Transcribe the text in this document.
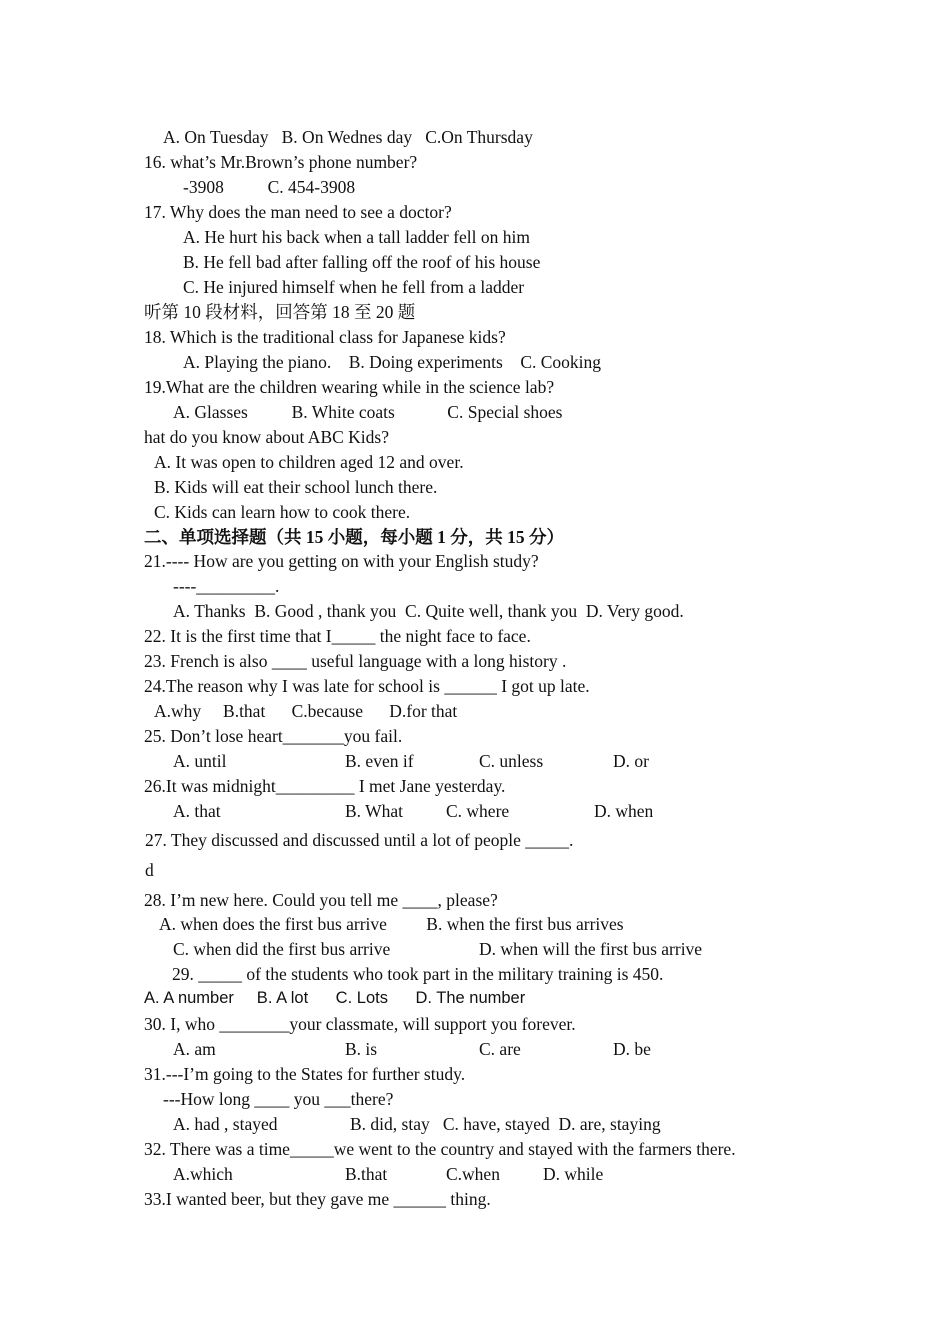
A. On Tuesday   B. On Wednes day   C.On Thursday
16. what’s Mr.Brown’s phone number?
-3908          C. 454-3908
17. Why does the man need to see a doctor?
A. He hurt his back when a tall ladder fell on him
B. He fell bad after falling off the roof of his house
C. He injured himself when he fell from a ladder
听第 10 段材料，回答第 18 至 20 题
18. Which is the traditional class for Japanese kids?
A. Playing the piano.    B. Doing experiments    C. Cooking
19.What are the children wearing while in the science lab?
A. Glasses          B. White coats            C. Special shoes
hat do you know about ABC Kids?
A. It was open to children aged 12 and over.
B. Kids will eat their school lunch there.
C. Kids can learn how to cook there.
二、单项选择题（共 15 小题，每小题 1 分，共 15 分）
21.---- How are you getting on with your English study?
----_________.
A. Thanks  B. Good , thank you  C. Quite well, thank you  D. Very good.
22. It is the first time that I_____ the night face to face.
23. French is also ____ useful language with a long history .
24.The reason why I was late for school is ______ I got up late.
A.why     B.that      C.because      D.for that
25. Don’t lose heart_______you fail.
A. until	B. even if	C. unless	D. or
26.It was midnight_________ I met Jane yesterday.
A. that	B. What C. where	D. when
27. They discussed and discussed until a lot of people _____.
d
28. I’m new here. Could you tell me ____, please?
A. when does the first bus arrive         B. when the first bus arrives
C. when did the first bus arrive	D. when will the first bus arrive
29. _____ of the students who took part in the military training is 450.
A. A number     B. A lot      C. Lots      D. The number
30. I, who ________your classmate, will support you forever.
A. am	B. is	C. are	D. be
31.---I’m going to the States for further study.
---How long ____ you ___there?
A. had , stayed	B. did, stay   C. have, stayed  D. are, staying
32. There was a time_____we went to the country and stayed with the farmers there.
A.which	B.that	C.when D. while
33.I wanted beer, but they gave me ______ thing.
